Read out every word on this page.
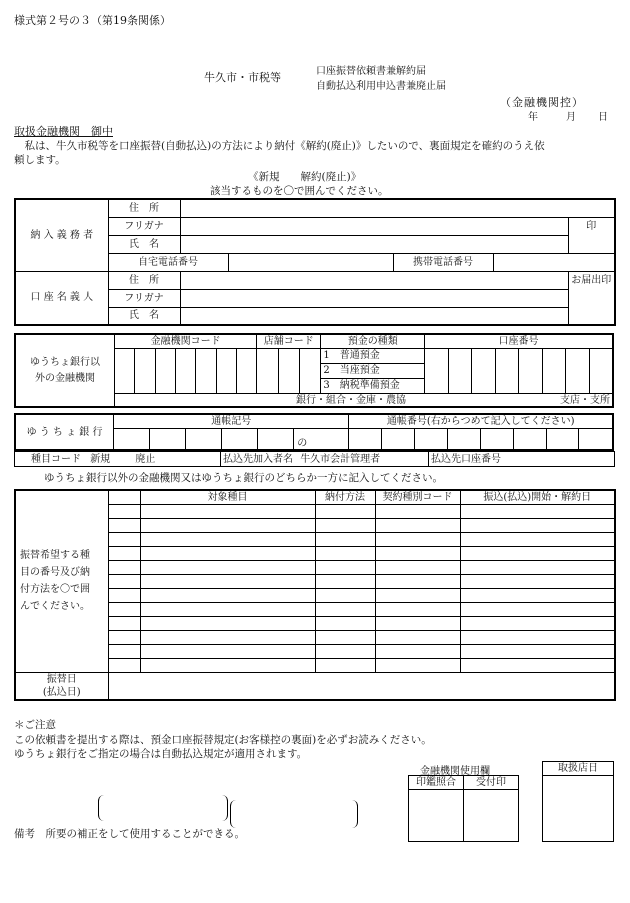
様式第２号の３（第19条関係）
牛久市・市税等	口座振替依頼書兼解約届
自動払込利用申込書兼廃止届
（金融機関控）
年	月 日
取扱金融機関　御中
　私は、牛久市税等を口座振替(自動払込)の方法により納付《解約(廃止)》したいので、裏面規定を確約のうえ依
頼します。
《新規　　解約(廃止)》
該当するものを〇で囲んでください。
納 入 義 務 者	住　所					
	フリガナ					印
	氏　名					
	自宅電話番号			携帯電話番号		
口 座 名 義 人	住　所					お届出印
	フリガナ					
	氏　名					
ゆうちょ銀行以
外の金融機関	金融機関コード							店舗コード			預金の種類	口座番号							
											1　普通預金								
											2　当座預金								
											3　納税準備預金								

	銀行・組合・金庫・農協 支店・支所																		
ゆ う ち ょ 銀 行	通帳記号						通帳番号(右からつめて記入してください)							
						の								
種目コード 新規	廃止	払込先加入者名 牛久市会計管理者	払込先口座番号
ゆうちょ銀行以外の金融機関又はゆうちょ銀行のどちらか一方に記入してください。
振替希望する種
目の番号及び納
付方法を〇で囲
んでください。		対象種目	納付方法	契約種別コード	振込(払込)開始・解約日

振替日
(払込日)					

＊ご注意
この依頼書を提出する際は、預金口座振替規定(お客様控の裏面)を必ずお読みください。
ゆうちょ銀行をご指定の場合は自動払込規定が適用されます。
金融機関使用欄
印鑑照合	受付印

取扱店日

備考　所要の補正をして使用することができる。
